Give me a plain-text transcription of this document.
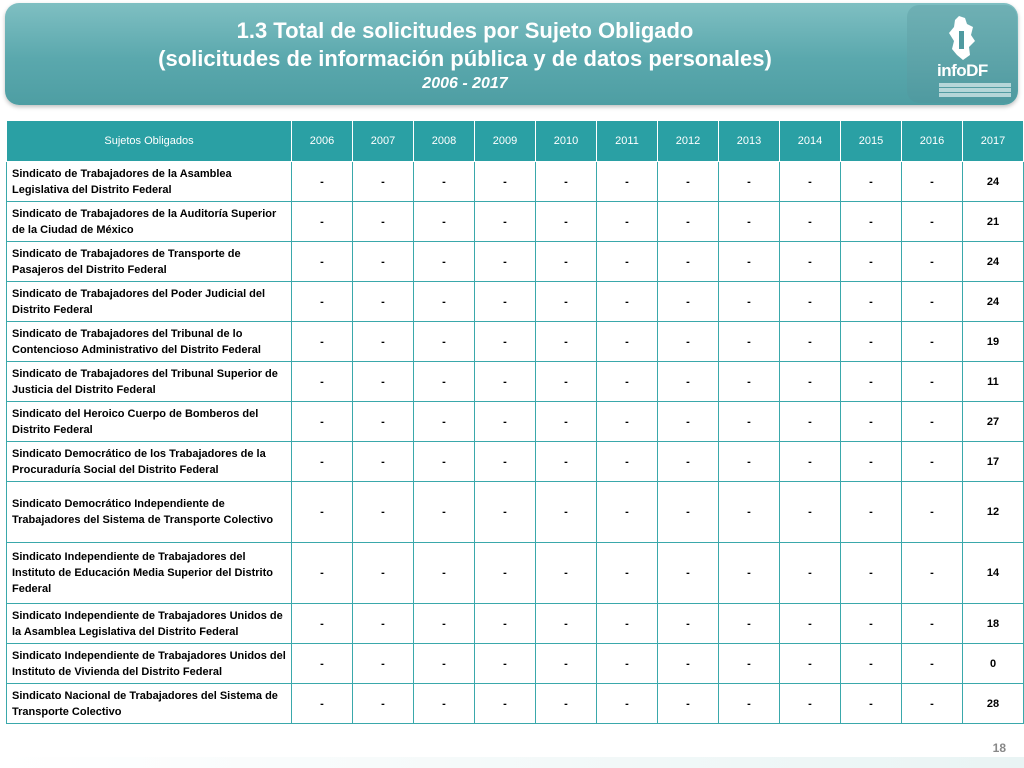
1.3 Total de solicitudes por Sujeto Obligado
(solicitudes de información pública y de datos personales)
2006 - 2017
infoDF
Sujetos Obligados	2006	2007	2008	2009	2010	2011	2012	2013	2014	2015	2016	2017
Sindicato de Trabajadores de la Asamblea Legislativa del Distrito Federal	-	-	-	-	-	-	-	-	-	-	-	24
Sindicato de Trabajadores de la Auditoría Superior de la Ciudad de México	-	-	-	-	-	-	-	-	-	-	-	21
Sindicato de Trabajadores de Transporte de Pasajeros del Distrito Federal	-	-	-	-	-	-	-	-	-	-	-	24
Sindicato de Trabajadores del Poder Judicial del Distrito Federal	-	-	-	-	-	-	-	-	-	-	-	24
Sindicato de Trabajadores del Tribunal de lo Contencioso Administrativo del Distrito Federal	-	-	-	-	-	-	-	-	-	-	-	19
Sindicato de Trabajadores del Tribunal Superior de Justicia del Distrito Federal	-	-	-	-	-	-	-	-	-	-	-	11
Sindicato del Heroico Cuerpo de Bomberos del Distrito Federal	-	-	-	-	-	-	-	-	-	-	-	27
Sindicato Democrático de los Trabajadores de la Procuraduría Social del Distrito Federal	-	-	-	-	-	-	-	-	-	-	-	17
Sindicato Democrático Independiente de Trabajadores del Sistema de Transporte Colectivo	-	-	-	-	-	-	-	-	-	-	-	12
Sindicato Independiente de Trabajadores del Instituto de Educación Media Superior del Distrito Federal	-	-	-	-	-	-	-	-	-	-	-	14
Sindicato Independiente de Trabajadores Unidos de la Asamblea Legislativa del Distrito Federal	-	-	-	-	-	-	-	-	-	-	-	18
Sindicato Independiente de Trabajadores Unidos del Instituto de Vivienda del Distrito Federal	-	-	-	-	-	-	-	-	-	-	-	0
Sindicato Nacional de Trabajadores del Sistema de Transporte Colectivo	-	-	-	-	-	-	-	-	-	-	-	28
18
